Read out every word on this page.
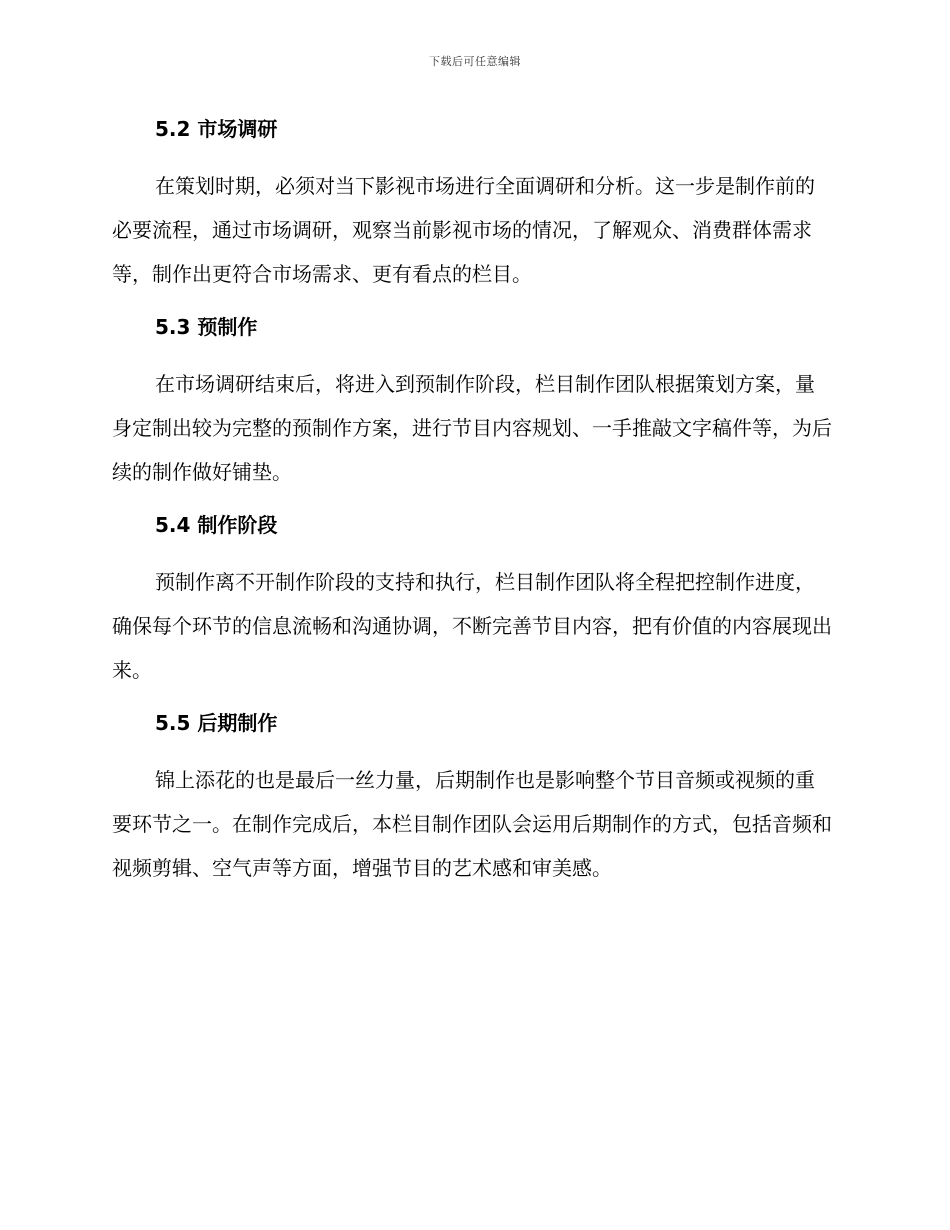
下载后可任意编辑
5.2 市场调研

在策划时期，必须对当下影视市场进行全面调研和分析。这一步是制作前的必要流程，通过市场调研，观察当前影视市场的情况，了解观众、消费群体需求等，制作出更符合市场需求、更有看点的栏目。

5.3 预制作

在市场调研结束后，将进入到预制作阶段，栏目制作团队根据策划方案，量身定制出较为完整的预制作方案，进行节目内容规划、一手推敲文字稿件等，为后续的制作做好铺垫。

5.4 制作阶段

预制作离不开制作阶段的支持和执行，栏目制作团队将全程把控制作进度，确保每个环节的信息流畅和沟通协调，不断完善节目内容，把有价值的内容展现出来。

5.5 后期制作

锦上添花的也是最后一丝力量，后期制作也是影响整个节目音频或视频的重要环节之一。在制作完成后，本栏目制作团队会运用后期制作的方式，包括音频和视频剪辑、空气声等方面，增强节目的艺术感和审美感。
